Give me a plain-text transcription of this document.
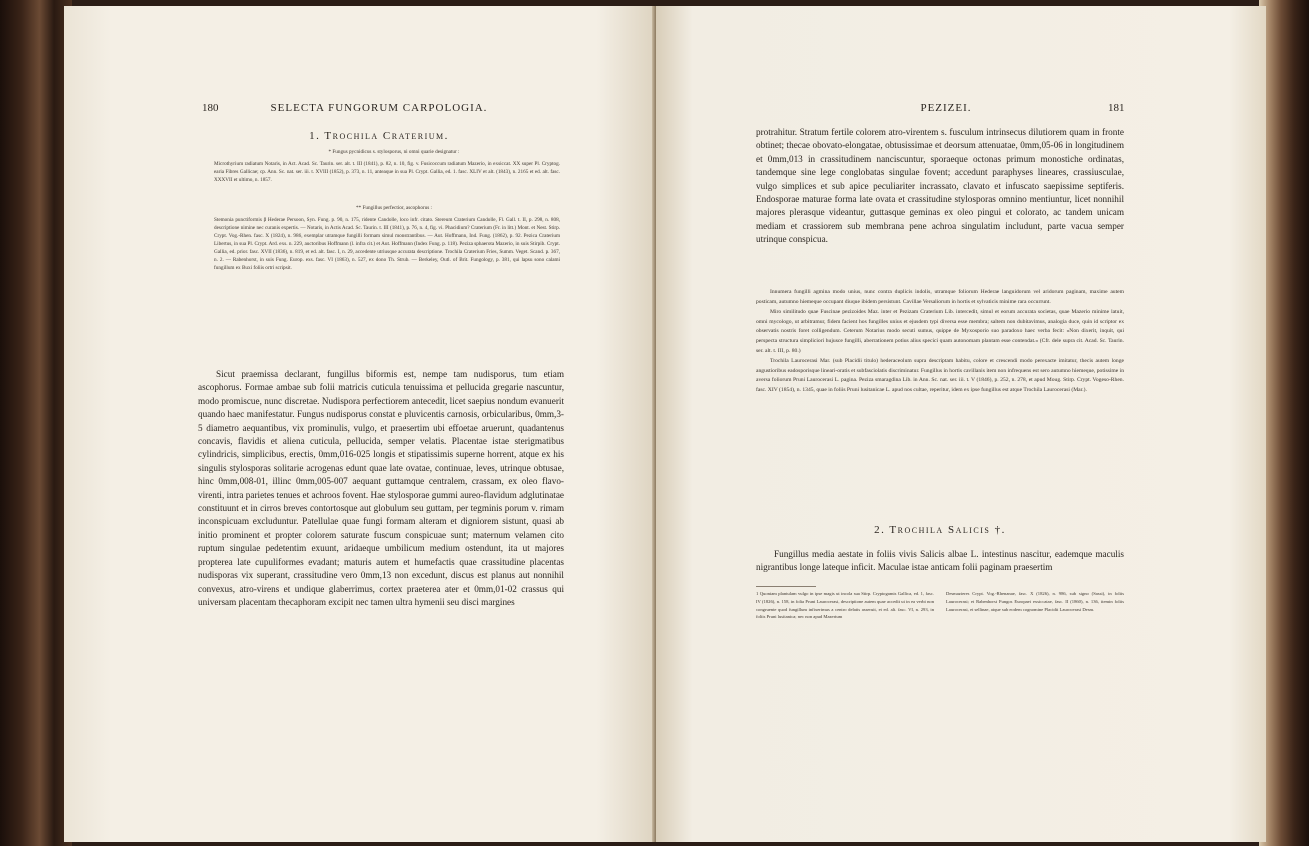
180	SELECTA FUNGORUM CARPOLOGIA.
1. Trochila Craterium.
* Fungus pycnidicus s. stylosporus, ni omni quarie designatur :
Microthyrium radiatum Notaris, in Act. Acad. Sc. Taurin. ser. alt. t. III (1841), p. 82, n. 10, fig. v. Fusicoccum radiatum Mazerio, in exsiccat. XX super Pl. Cryptog. earia Fibres Gallicae; cp. Ann. Sc. nat. ser. iii. t. XVIII (1852), p. 373, n. 11, anteaque in sua Pl. Crypt. Gallia, ed. 1. fasc. XLIV et alt. (1843), n. 2165 et ed. alt. fasc. XXXVII et ultimo, n. 1857.
** Fungillus perfectior, ascophorus :
Stemonia punctiformis β Hederae Persoon, Syn. Fung. p. 90, n. 175, ridente Candolle, loco infr. citato. Stereum Craterium Candolle, Fl. Gall. t. II, p. 298, n. 808, descriptione nimine nec curanis expertis. — Notaris, in Actis Acad. Sc. Taurin. t. III (1841), p. 76, n. 4, fig. vi. Phacidium? Craterium (Fr. in litt.) Mont. et Nest. Stirp. Crypt. Vog.-Rhen. fasc. X (1824), n. 986, exemplar utramque fungilli formam simul monstrantibus. — Aut. Hoffmann, Ind. Fung. (1862), p. 92. Pezica Craterium Libertus, in sua Pl. Crypt. Ard. exs. n. 229, auctoribus Hoffmann (l. infra cit.) et Aut. Hoffmann (Index Fung. p. 118). Peziza sphaerota Mazerio, in suis Stirpib. Crypt. Gallia, ed. prior. fasc. XVII (1836), n. 819, et ed. alt. fasc. I, n. 29, accedente utriusque accurata descriptione. Trochila Craterium Fries, Summ. Veget. Scand. p. 367, n. 2. — Rabenhorst, in suis Fung. Europ. exs. fasc. VI (1863), n. 527, ex dono Th. Strub. — Berkeley, Outl. of Brit. Fungology, p. 381, qui lapsu sono calami fungillum ex Buxi foliis ortri scripsit.

Sicut praemissa declarant, fungillus biformis est, nempe tam nudisporus, tum etiam ascophorus. Formae ambae sub folii matricis cuticula tenuissima et pellucida gregarie nascuntur, modo promiscue, nunc discretae. Nudispora perfectiorem antecedit, licet saepius nondum evanuerit quando haec manifestatur. Fungus nudisporus constat e pluvicentis carnosis, orbicularibus, 0mm,3-5 diametro aequantibus, vix prominulis, vulgo, et praesertim ubi effoetae aruerunt, quadantenus concavis, flavidis et aliena cuticula, pellucida, semper velatis. Placentae istae sterigmatibus cylindricis, simplicibus, erectis, 0mm,016-025 longis et stipatissimis superne horrent, atque ex his singulis stylosporas solitarie acrogenas edunt quae late ovatae, continuae, leves, utrinque obtusae, hinc 0mm,008-01, illinc 0mm,005-007 aequant guttamque centralem, crassam, ex oleo flavo-virenti, intra parietes tenues et achroos fovent. Hae stylosporae gummi aureo-flavidum adglutinatae constituunt et in cirros breves contortosque aut globulum seu guttam, per tegminis porum v. rimam inconspicuam excluduntur. Patellulae quae fungi formam alteram et digniorem sistunt, quasi ab initio prominent et propter colorem saturate fuscum conspicuae sunt; maternum velamen cito ruptum singulae pedetentim exuunt, aridaeque umbilicum medium ostendunt, ita ut majores propterea late cupuliformes evadant; maturis autem et humefactis quae crassitudine placentas nudisporas vix superant, crassitudine vero 0mm,13 non excedunt, discus est planus aut nonnihil convexus, atro-virens et undique glaberrimus, cortex praeterea ater et 0mm,01-02 crassus qui universam placentam thecaphoram excipit nec tamen ultra hymenii seu disci margines

PEZIZEI.	181

protrahitur. Stratum fertile colorem atro-virentem s. fusculum intrinsecus dilutiorem quam in fronte obtinet; thecae obovato-elongatae, obtusissimae et deorsum attenuatae, 0mm,05-06 in longitudinem et 0mm,013 in crassitudinem nanciscuntur, sporaeque octonas primum monostiche ordinatas, tandemque sine lege conglobatas singulae fovent; accedunt paraphyses lineares, crassiusculae, vulgo simplices et sub apice peculiariter incrassato, clavato et infuscato saepissime septiferis. Endosporae maturae forma late ovata et crassitudine stylosporas omnino mentiuntur, licet nonnihil majores plerasque videantur, guttasque geminas ex oleo pingui et colorato, ac tandem unicam mediam et crassiorem sub membrana pene achroa singulatim includunt, parte vacua semper utrinque conspicua.

Innumera fungilli agmina modo unius, nunc contra duplicis indolis, utramque foliorum Hederae languidorum vel aridorum paginam, maxime autem posticam, autumno hiemeque occupant diuque ibidem persistunt. Cavillae Versaliorum in hortis et sylvaticis minime rara occurrunt.

Miro similitudo quae Fuscinae pezizoides Maz. inter et Pezizam Craterium Lib. intercedit, simul et eorum accurata societas, quae Mazerio minime latuit, omni mycologo, ut arbitramur, fidem facient hos fungilles unius et ejusdem typi diversa esse membra; saltem non dubitavimus, analogia duce, quin id scriptor ex observatis nostris foret colligendum. Ceterum Notarius modo secuti sumus, quippe de Myxosporio suo paradoxo haec verba fecit: «Non dixerit, inquit, qui perspecta structura simpliciori hujusce fungilli, aberrationem potius alius specici quam autonomam plantam esse contendat.» (Cfr. dele supra cit. Acad. Sc. Taurin. ser. alt. t. III, p. 80.)

Trochila Laurocerasi Mar. (sub Placidii titulo) hederaceolum supra descriptam habitu, colore et crescendi modo perexacte imitatur, thecis autem longe angustioribus eadosporisque lineari-oratis et subfasciolatis discriminatur. Fungillus in hortis cavillanis item non infrequens est sero autumno hiemeque, potissime in aversa foliorum Pruni Laurocerasi L. pagina. Peziza smaragdina Lib. in Ann. Sc. nat. ser. iii. t. V (1846), p. 252, n. 278, et apud Moug. Stirp. Crypt. Vogeso-Rhen. fasc. XIV (1854), n. 1345, quae in foliis Pruni lusitanicae L. apud nos cultae, reperitur, idem ex ipse fungillus est atque Trochila Laurocerasi (Mar.).

2. Trochila Salicis †.

Fungillus media aestate in foliis vivis Salicis albae L. intestinus nascitur, eademque maculis nigrantibus longe lateque inficit. Maculae istae anticam folii paginam praesertim

1 Quoniam plantulam vulgo in ipse magis ut incola sua Stirp. Cryptogamis Gallica, ed. 1, fasc. IV (1826), n. 158, in folia Pruni Laurocerasi, descriptione autem quae accedit ut in ea verbi non congruente quod fungillum infixerimus a centro delatis asseruit, et ed. alt. fasc. VI, n. 293, in foliis Pruni lusitanica; nec non apud Mazerium
Desmazieres Crypt. Vog.-Rhenanae, fasc. X (1826), n. 986, sub signo (Sassi), in foliis Laurocerasi; et Rabenhorst Fungos Europaei exsiccatae, fasc. II (1860), n. 136, itemin foliis Laurocerasi, et sellinae, atque sub eodem cognomine Placidii Laurocerasi Desm.
